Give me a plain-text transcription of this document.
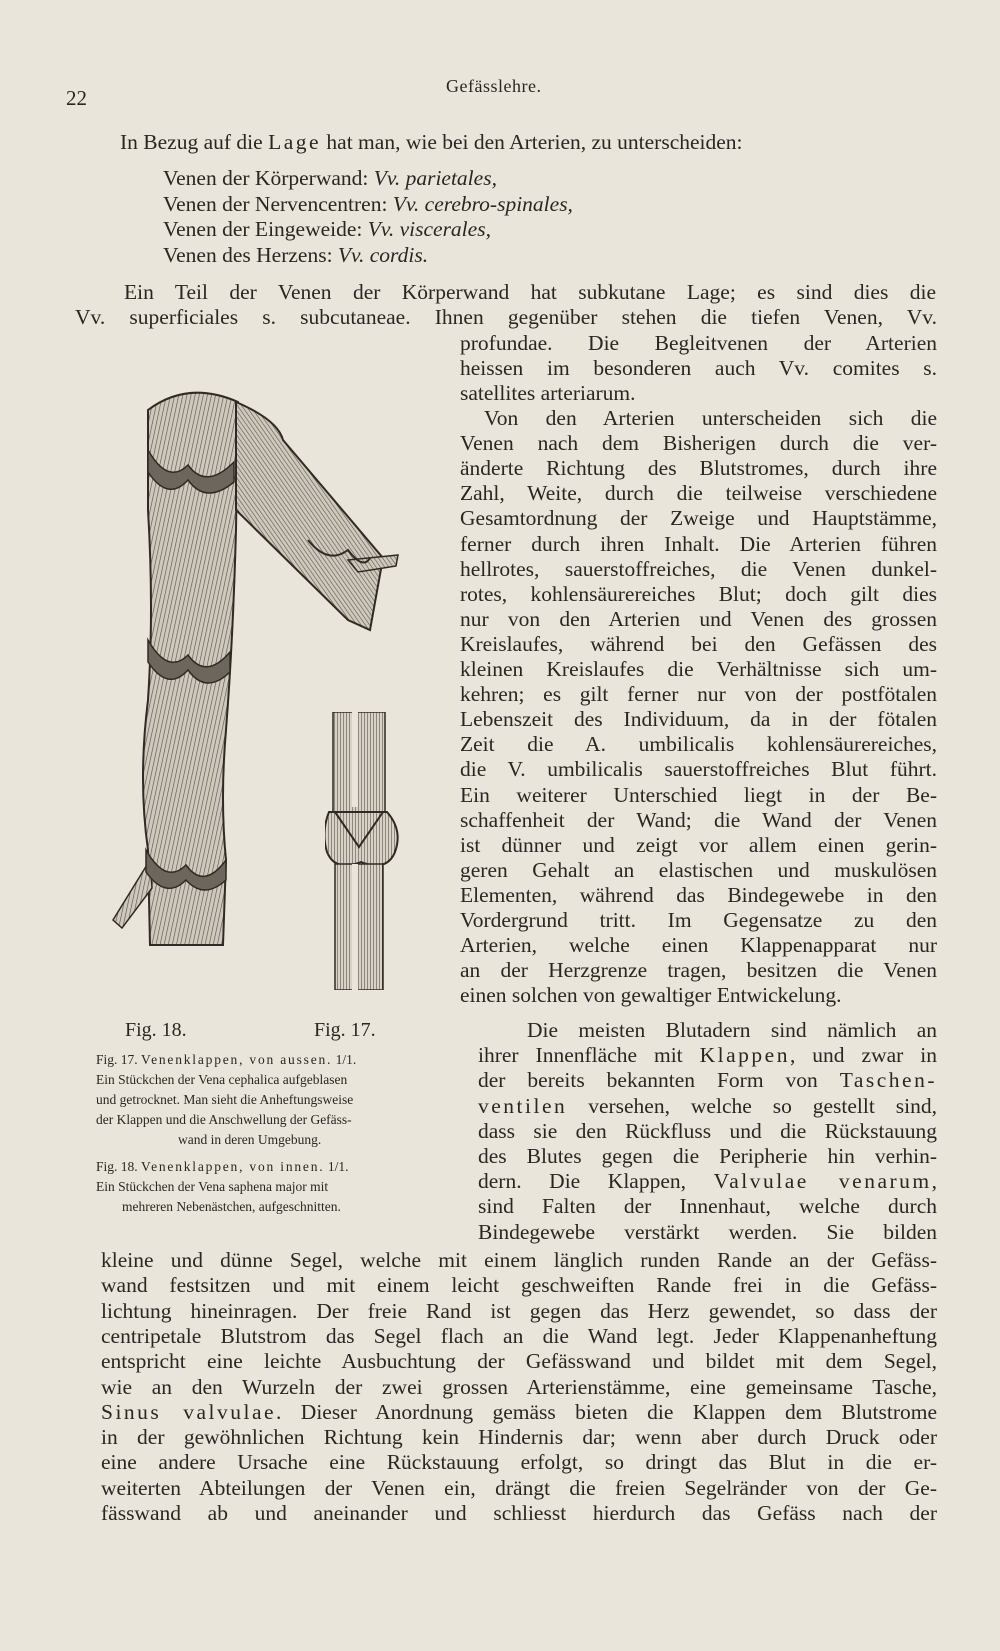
22	Gefässlehre.
In Bezug auf die Lage hat man, wie bei den Arterien, zu unterscheiden:
Venen der Körperwand: Vv. parietales,
Venen der Nervencentren: Vv. cerebro-spinales,
Venen der Eingeweide: Vv. viscerales,
Venen des Herzens: Vv. cordis.
Ein Teil der Venen der Körperwand hat subkutane Lage; es sind dies die
Vv. superficiales s. subcutaneae. Ihnen gegenüber stehen die tiefen Venen, Vv.
profundae. Die Begleitvenen der Arterien
heissen im besonderen auch Vv. comites s.
satellites arteriarum.
Von den Arterien unterscheiden sich die
Venen nach dem Bisherigen durch die ver-
änderte Richtung des Blutstromes, durch ihre
Zahl, Weite, durch die teilweise verschiedene
Gesamtordnung der Zweige und Hauptstämme,
ferner durch ihren Inhalt. Die Arterien führen
hellrotes, sauerstoffreiches, die Venen dunkel-
rotes, kohlensäurereiches Blut; doch gilt dies
nur von den Arterien und Venen des grossen
Kreislaufes, während bei den Gefässen des
kleinen Kreislaufes die Verhältnisse sich um-
kehren; es gilt ferner nur von der postfötalen
Lebenszeit des Individuum, da in der fötalen
Zeit die A. umbilicalis kohlensäurereiches,
die V. umbilicalis sauerstoffreiches Blut führt.
Ein weiterer Unterschied liegt in der Be-
schaffenheit der Wand; die Wand der Venen
ist dünner und zeigt vor allem einen gerin-
geren Gehalt an elastischen und muskulösen
Elementen, während das Bindegewebe in den
Vordergrund tritt. Im Gegensatze zu den
Arterien, welche einen Klappenapparat nur
an der Herzgrenze tragen, besitzen die Venen
einen solchen von gewaltiger Entwickelung.
Die meisten Blutadern sind nämlich an
ihrer Innenfläche mit Klappen, und zwar in
der bereits bekannten Form von Taschen-
ventilen versehen, welche so gestellt sind,
dass sie den Rückfluss und die Rückstauung
des Blutes gegen die Peripherie hin verhin-
dern. Die Klappen, Valvulae venarum,
sind Falten der Innenhaut, welche durch
Bindegewebe verstärkt werden. Sie bilden
kleine und dünne Segel, welche mit einem länglich runden Rande an der Gefäss-
wand festsitzen und mit einem leicht geschweiften Rande frei in die Gefäss-
lichtung hineinragen. Der freie Rand ist gegen das Herz gewendet, so dass der
centripetale Blutstrom das Segel flach an die Wand legt. Jeder Klappenanheftung
entspricht eine leichte Ausbuchtung der Gefässwand und bildet mit dem Segel,
wie an den Wurzeln der zwei grossen Arterienstämme, eine gemeinsame Tasche,
Sinus valvulae. Dieser Anordnung gemäss bieten die Klappen dem Blutstrome
in der gewöhnlichen Richtung kein Hindernis dar; wenn aber durch Druck oder
eine andere Ursache eine Rückstauung erfolgt, so dringt das Blut in die er-
weiterten Abteilungen der Venen ein, drängt die freien Segelränder von der Ge-
fässwand ab und aneinander und schliesst hierdurch das Gefäss nach der
Fig. 18.	Fig. 17.
Fig. 17. Venenklappen, von aussen. 1/1.
Ein Stückchen der Vena cephalica aufgeblasen
und getrocknet. Man sieht die Anheftungsweise
der Klappen und die Anschwellung der Gefäss-
wand in deren Umgebung.
Fig. 18. Venenklappen, von innen. 1/1.
Ein Stückchen der Vena saphena major mit
mehreren Nebenästchen, aufgeschnitten.
